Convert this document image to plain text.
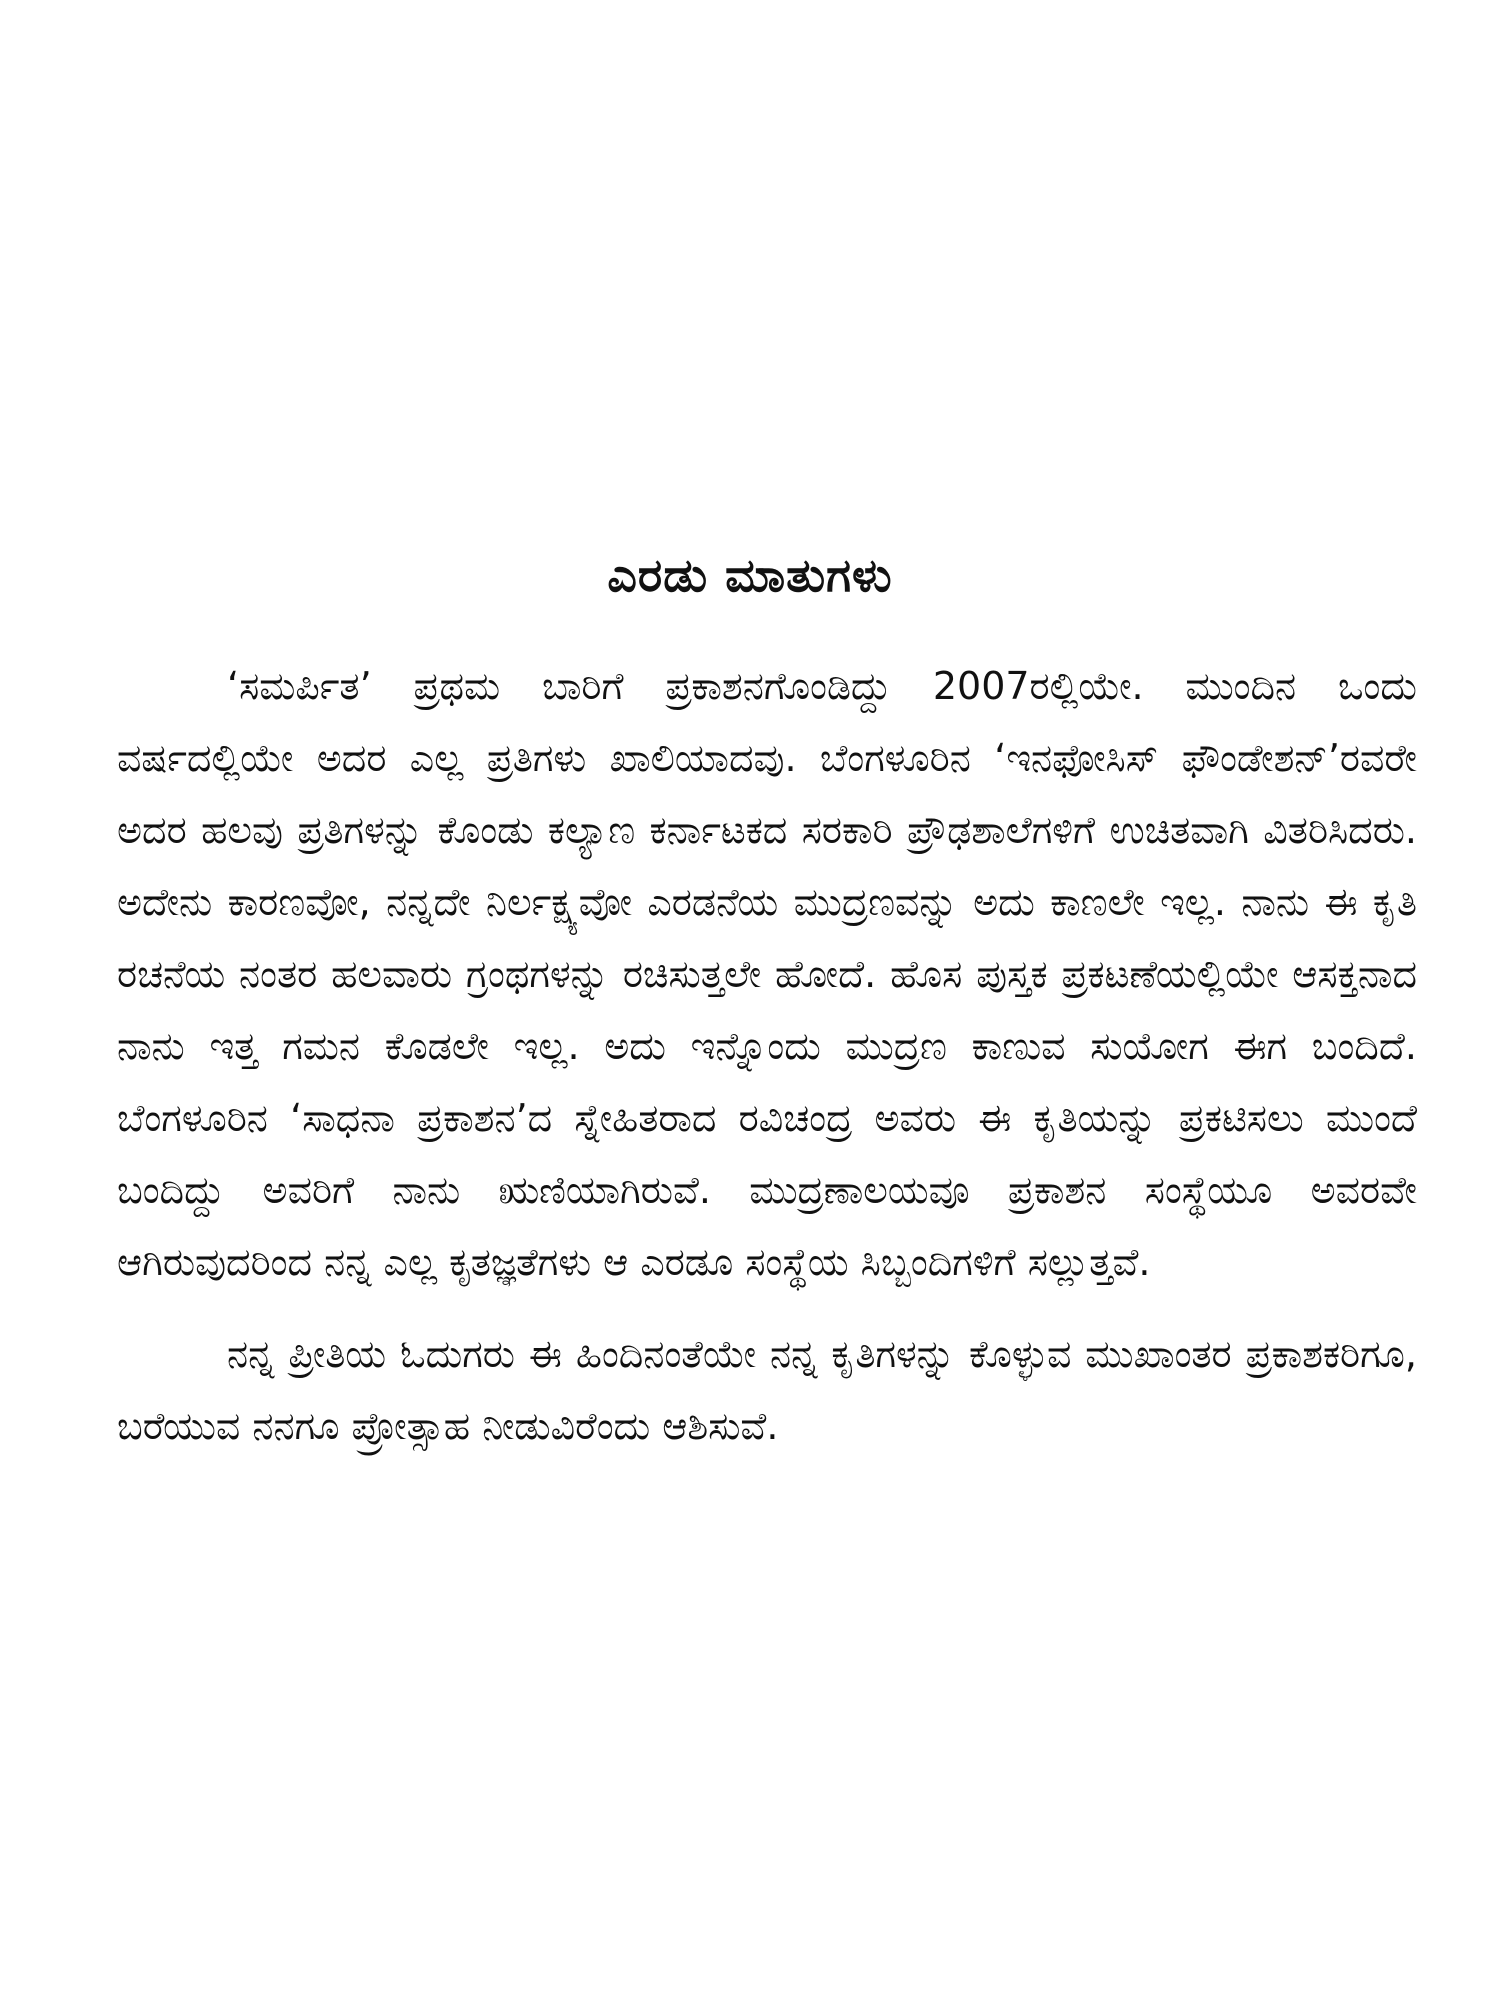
ಎರಡು ಮಾತುಗಳು

‘ಸಮರ್ಪಿತ’ ಪ್ರಥಮ ಬಾರಿಗೆ ಪ್ರಕಾಶನಗೊಂಡಿದ್ದು 2007ರಲ್ಲಿಯೇ. ಮುಂದಿನ ಒಂದು ವರ್ಷದಲ್ಲಿಯೇ ಅದರ ಎಲ್ಲ ಪ್ರತಿಗಳು ಖಾಲಿಯಾದವು. ಬೆಂಗಳೂರಿನ ‘ಇನಫೋಸಿಸ್ ಫೌಂಡೇಶನ್’ರವರೇ ಅದರ ಹಲವು ಪ್ರತಿಗಳನ್ನು ಕೊಂಡು ಕಲ್ಯಾಣ ಕರ್ನಾಟಕದ ಸರಕಾರಿ ಪ್ರೌಢಶಾಲೆಗಳಿಗೆ ಉಚಿತವಾಗಿ ವಿತರಿಸಿದರು. ಅದೇನು ಕಾರಣವೋ, ನನ್ನದೇ ನಿರ್ಲಕ್ಷ್ಯವೋ ಎರಡನೆಯ ಮುದ್ರಣವನ್ನು ಅದು ಕಾಣಲೇ ಇಲ್ಲ. ನಾನು ಈ ಕೃತಿ ರಚನೆಯ ನಂತರ ಹಲವಾರು ಗ್ರಂಥಗಳನ್ನು ರಚಿಸುತ್ತಲೇ ಹೋದೆ. ಹೊಸ ಪುಸ್ತಕ ಪ್ರಕಟಣೆಯಲ್ಲಿಯೇ ಆಸಕ್ತನಾದ ನಾನು ಇತ್ತ ಗಮನ ಕೊಡಲೇ ಇಲ್ಲ. ಅದು ಇನ್ನೊಂದು ಮುದ್ರಣ ಕಾಣುವ ಸುಯೋಗ ಈಗ ಬಂದಿದೆ. ಬೆಂಗಳೂರಿನ ‘ಸಾಧನಾ ಪ್ರಕಾಶನ’ದ ಸ್ನೇಹಿತರಾದ ರವಿಚಂದ್ರ ಅವರು ಈ ಕೃತಿಯನ್ನು ಪ್ರಕಟಿಸಲು ಮುಂದೆ ಬಂದಿದ್ದು ಅವರಿಗೆ ನಾನು ಋಣಿಯಾಗಿರುವೆ. ಮುದ್ರಣಾಲಯವೂ ಪ್ರಕಾಶನ ಸಂಸ್ಥೆಯೂ ಅವರವೇ ಆಗಿರುವುದರಿಂದ ನನ್ನ ಎಲ್ಲ ಕೃತಜ್ಞತೆಗಳು ಆ ಎರಡೂ ಸಂಸ್ಥೆಯ ಸಿಬ್ಬಂದಿಗಳಿಗೆ ಸಲ್ಲುತ್ತವೆ.

ನನ್ನ ಪ್ರೀತಿಯ ಓದುಗರು ಈ ಹಿಂದಿನಂತೆಯೇ ನನ್ನ ಕೃತಿಗಳನ್ನು ಕೊಳ್ಳುವ ಮುಖಾಂತರ ಪ್ರಕಾಶಕರಿಗೂ, ಬರೆಯುವ ನನಗೂ ಪ್ರೋತ್ಸಾಹ ನೀಡುವಿರೆಂದು ಆಶಿಸುವೆ.
